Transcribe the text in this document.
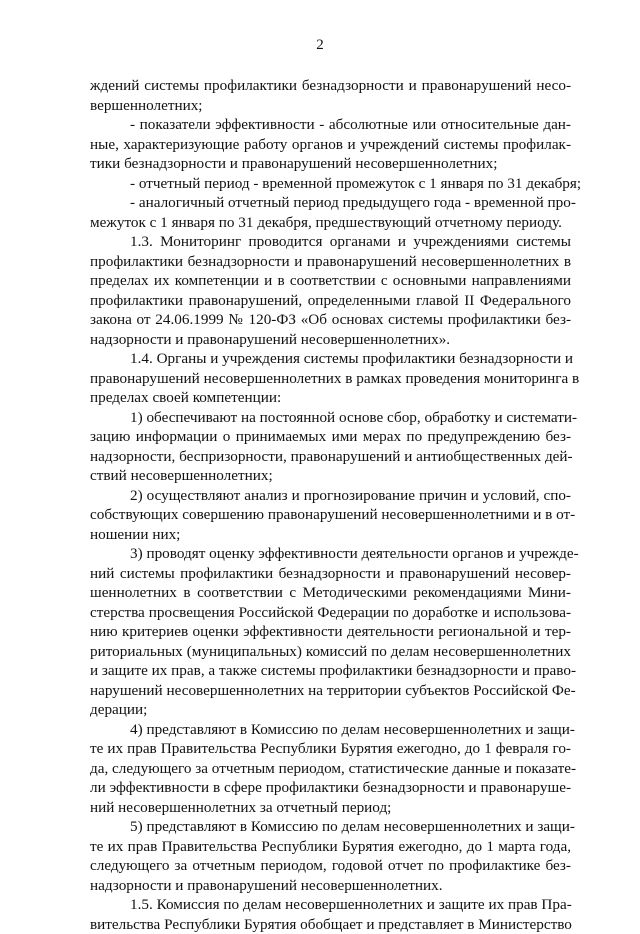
2
ждений системы профилактики безнадзорности и правонарушений несо-
вершеннолетних;
- показатели эффективности - абсолютные или относительные дан-
ные, характеризующие работу органов и учреждений системы профилак-
тики безнадзорности и правонарушений несовершеннолетних;
- отчетный период - временной промежуток с 1 января по 31 декабря;
- аналогичный отчетный период предыдущего года - временной про-
межуток с 1 января по 31 декабря, предшествующий отчетному периоду.
1.3. Мониторинг проводится органами и учреждениями системы
профилактики безнадзорности и правонарушений несовершеннолетних в
пределах их компетенции и в соответствии с основными направлениями
профилактики правонарушений, определенными главой II Федерального
закона от 24.06.1999 № 120-ФЗ «Об основах системы профилактики без-
надзорности и правонарушений несовершеннолетних».
1.4. Органы и учреждения системы профилактики безнадзорности и
правонарушений несовершеннолетних в рамках проведения мониторинга в
пределах своей компетенции:
1) обеспечивают на постоянной основе сбор, обработку и системати-
зацию информации о принимаемых ими мерах по предупреждению без-
надзорности, беспризорности, правонарушений и антиобщественных дей-
ствий несовершеннолетних;
2) осуществляют анализ и прогнозирование причин и условий, спо-
собствующих совершению правонарушений несовершеннолетними и в от-
ношении них;
3) проводят оценку эффективности деятельности органов и учрежде-
ний системы профилактики безнадзорности и правонарушений несовер-
шеннолетних в соответствии с Методическими рекомендациями Мини-
стерства просвещения Российской Федерации по доработке и использова-
нию критериев оценки эффективности деятельности региональной и тер-
риториальных (муниципальных) комиссий по делам несовершеннолетних
и защите их прав, а также системы профилактики безнадзорности и право-
нарушений несовершеннолетних на территории субъектов Российской Фе-
дерации;
4) представляют в Комиссию по делам несовершеннолетних и защи-
те их прав Правительства Республики Бурятия ежегодно, до 1 февраля го-
да, следующего за отчетным периодом, статистические данные и показате-
ли эффективности в сфере профилактики безнадзорности и правонаруше-
ний несовершеннолетних за отчетный период;
5) представляют в Комиссию по делам несовершеннолетних и защи-
те их прав Правительства Республики Бурятия ежегодно, до 1 марта года,
следующего за отчетным периодом, годовой отчет по профилактике без-
надзорности и правонарушений несовершеннолетних.
1.5. Комиссия по делам несовершеннолетних и защите их прав Пра-
вительства Республики Бурятия обобщает и представляет в Министерство
